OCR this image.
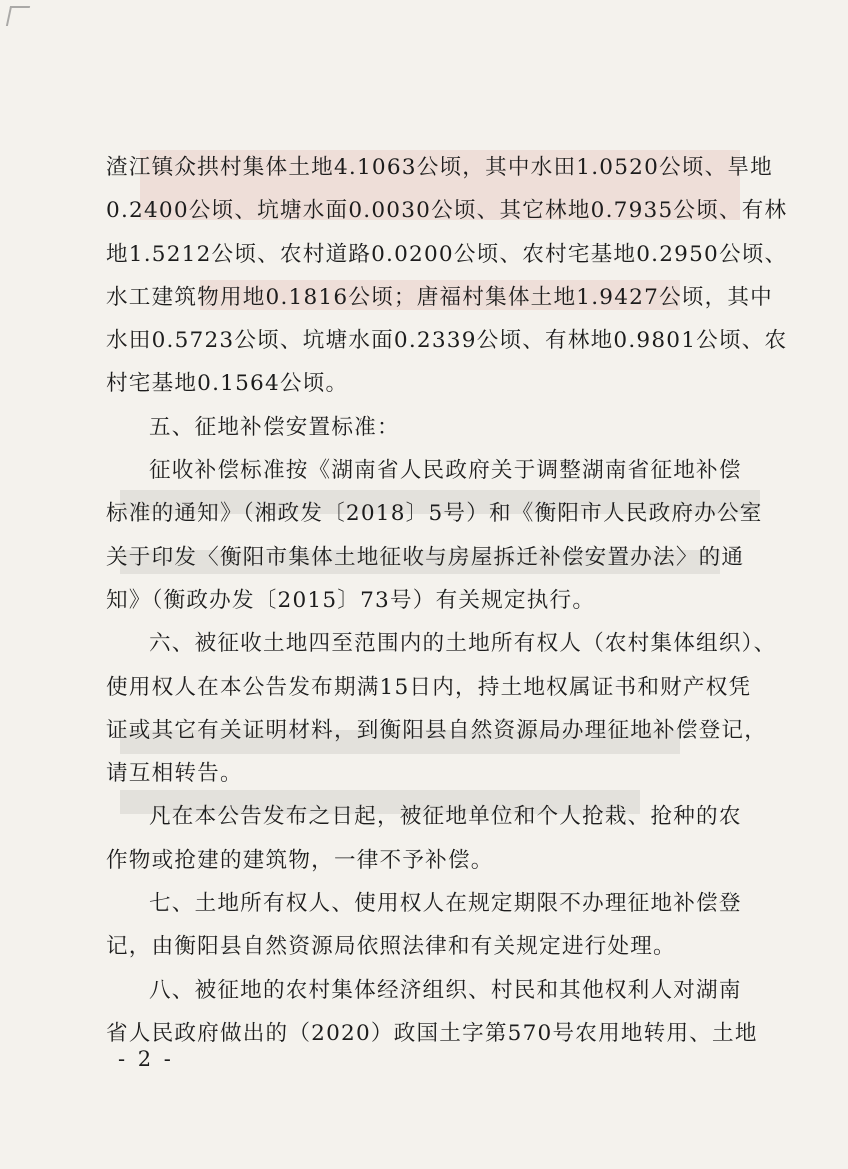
渣江镇众拱村集体土地4.1063公顷，其中水田1.0520公顷、旱地
0.2400公顷、坑塘水面0.0030公顷、其它林地0.7935公顷、有林
地1.5212公顷、农村道路0.0200公顷、农村宅基地0.2950公顷、
水工建筑物用地0.1816公顷；唐福村集体土地1.9427公顷，其中
水田0.5723公顷、坑塘水面0.2339公顷、有林地0.9801公顷、农
村宅基地0.1564公顷。
五、征地补偿安置标准：
征收补偿标准按《湖南省人民政府关于调整湖南省征地补偿
标准的通知》（湘政发〔2018〕5号）和《衡阳市人民政府办公室
关于印发〈衡阳市集体土地征收与房屋拆迁补偿安置办法〉的通
知》（衡政办发〔2015〕73号）有关规定执行。
六、被征收土地四至范围内的土地所有权人（农村集体组织）、
使用权人在本公告发布期满15日内，持土地权属证书和财产权凭
证或其它有关证明材料，到衡阳县自然资源局办理征地补偿登记，
请互相转告。
凡在本公告发布之日起，被征地单位和个人抢栽、抢种的农
作物或抢建的建筑物，一律不予补偿。
七、土地所有权人、使用权人在规定期限不办理征地补偿登
记，由衡阳县自然资源局依照法律和有关规定进行处理。
八、被征地的农村集体经济组织、村民和其他权利人对湖南
省人民政府做出的（2020）政国土字第570号农用地转用、土地
- 2 -
